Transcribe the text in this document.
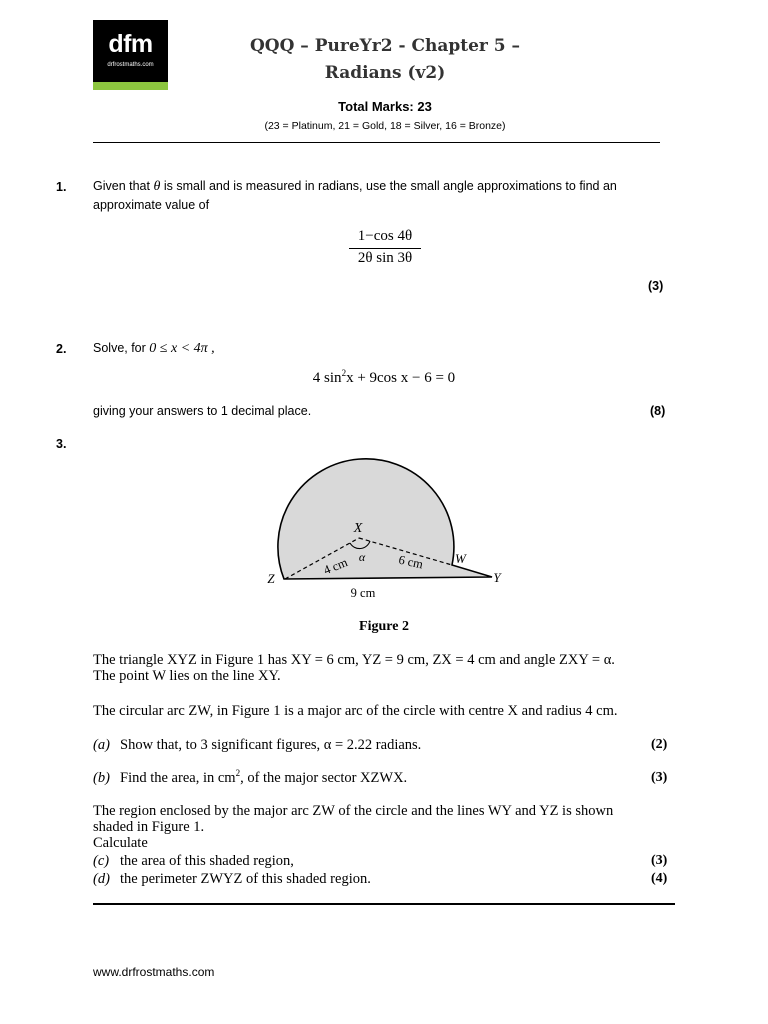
dfm
drfrostmaths.com
QQQ – PureYr2 - Chapter 5 –
Radians (v2)
Total Marks: 23
(23 = Platinum, 21 = Gold, 18 = Silver, 16 = Bronze)
1. Given that θ is small and is measured in radians, use the small angle approximations to find an
approximate value of
1−cos 4θ
2θ sin 3θ
(3)
2. Solve, for 0 ≤ x < 4π ,
4 $\sin^2x + 9\cos$ x − 6 = 0
giving your answers to 1 decimal place.	(8)
3.
X
α	W
Z	Y
4 cm	6 cm
9 cm
Figure 2
The triangle XYZ in Figure 1 has XY = 6 cm, YZ = 9 cm, ZX = 4 cm and angle ZXY = α.
The point W lies on the line XY.
The circular arc ZW, in Figure 1 is a major arc of the circle with centre X and radius 4 cm.
(a) Show that, to 3 significant figures, α = 2.22 radians.	(2)
(b) Find the area, in $cm^2$, of the major sector XZWX.	(3)
The region enclosed by the major arc ZW of the circle and the lines WY and YZ is shown
shaded in Figure 1.
Calculate
(c) the area of this shaded region,	(3)
(d) the perimeter ZWYZ of this shaded region.	(4)
www.drfrostmaths.com
